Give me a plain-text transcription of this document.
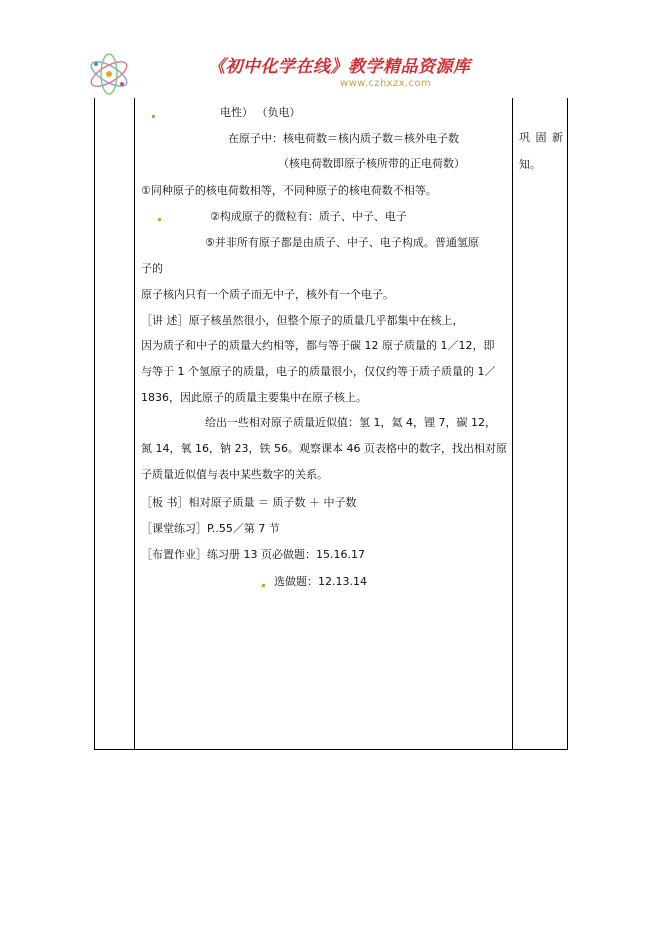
《初中化学在线》教学精品资源库
www.czhxzx.com
电性） （负电）
在原子中：核电荷数＝核内质子数＝核外电子数
（核电荷数即原子核所带的正电荷数）
①同种原子的核电荷数相等，不同种原子的核电荷数不相等。
②构成原子的微粒有：质子、中子、电子
⑤并非所有原子都是由质子、中子、电子构成。普通氢原
子的
原子核内只有一个质子而无中子，核外有一个电子。
［讲 述］原子核虽然很小，但整个原子的质量几乎都集中在核上，
因为质子和中子的质量大约相等，都与等于碳 12 原子质量的 1／12，即
与等于 1 个氢原子的质量，电子的质量很小，仅仅约等于质子质量的 1／
1836，因此原子的质量主要集中在原子核上。
给出一些相对原子质量近似值：氢 1，氦 4，锂 7，碳 12，
氮 14，氧 16，钠 23，铁 56。观察课本 46 页表格中的数字，找出相对原
子质量近似值与表中某些数字的关系。
［板 书］相对原子质量 ＝ 质子数 ＋ 中子数
［课堂练习］P..55／第 7 节
［布置作业］练习册 13 页必做题：15.16.17
选做题：12.13.14
巩 固 新
知。
